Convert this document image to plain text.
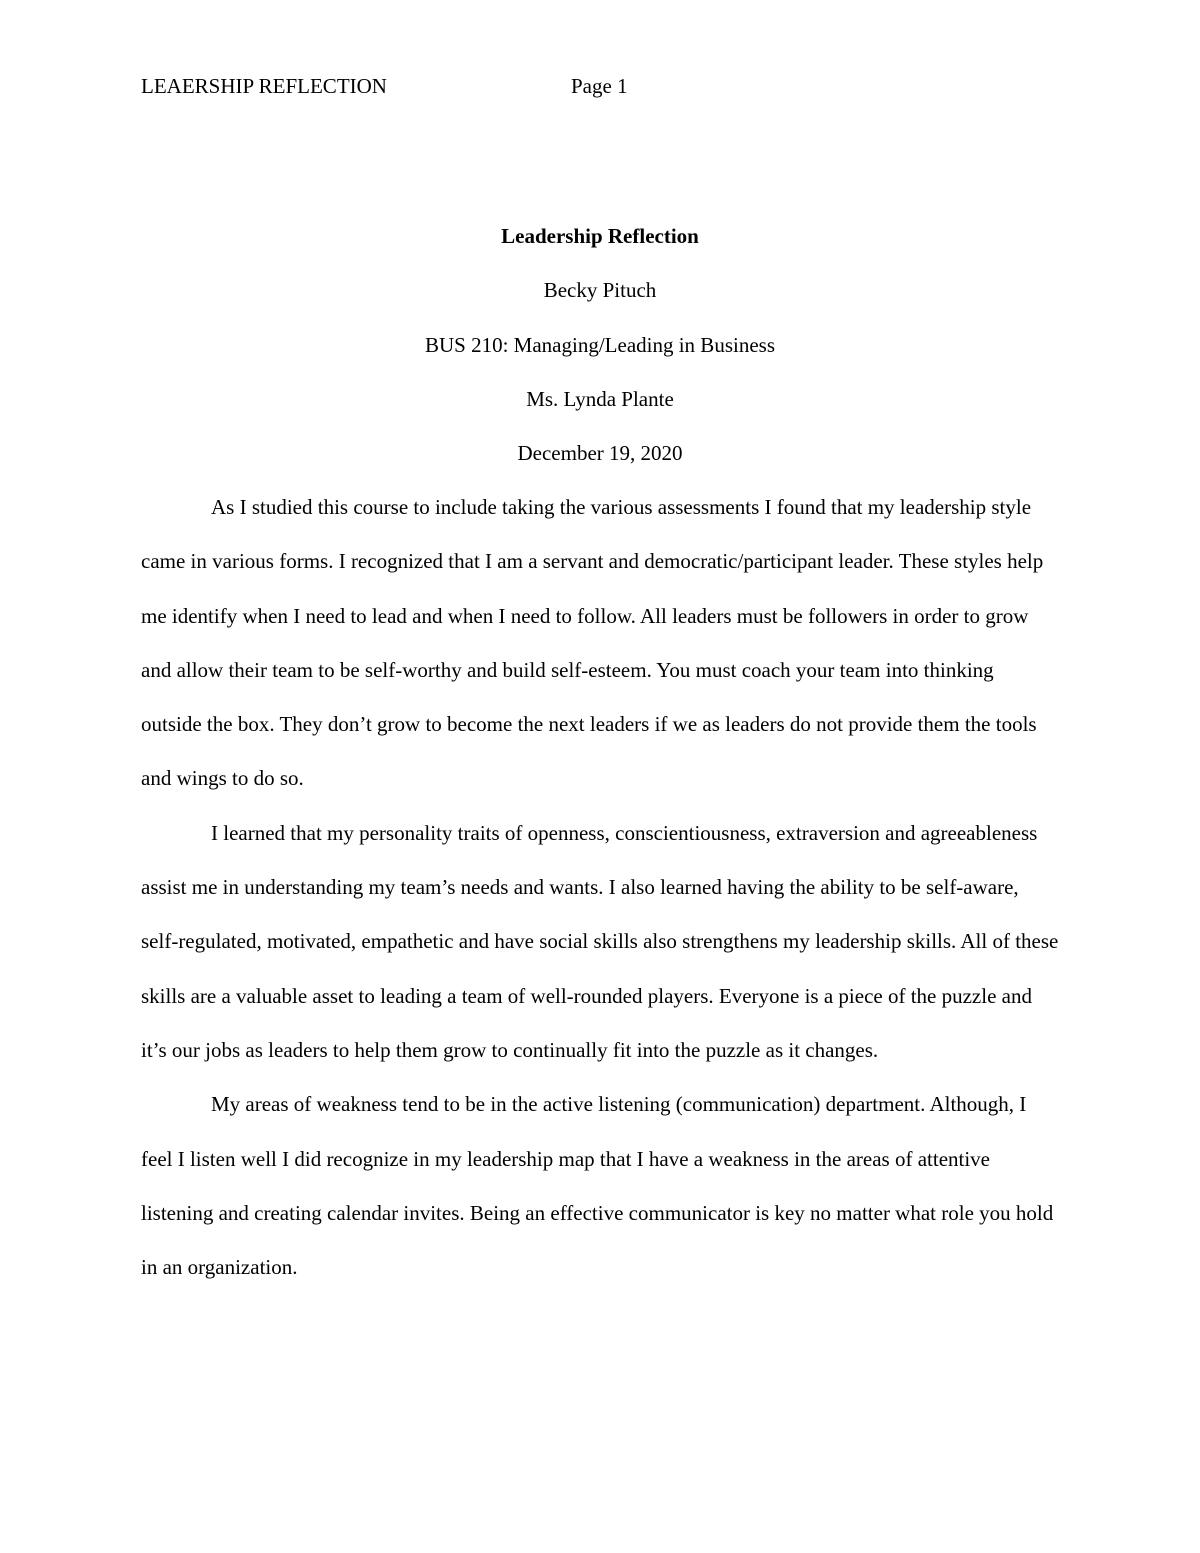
LEAERSHIP REFLECTION	Page 1
Leadership Reflection
Becky Pituch
BUS 210: Managing/Leading in Business
Ms. Lynda Plante
December 19, 2020

As I studied this course to include taking the various assessments I found that my leadership style came in various forms. I recognized that I am a servant and democratic/participant leader. These styles help me identify when I need to lead and when I need to follow. All leaders must be followers in order to grow and allow their team to be self-worthy and build self-esteem. You must coach your team into thinking outside the box. They don’t grow to become the next leaders if we as leaders do not provide them the tools and wings to do so.

I learned that my personality traits of openness, conscientiousness, extraversion and agreeableness assist me in understanding my team’s needs and wants. I also learned having the ability to be self-aware, self-regulated, motivated, empathetic and have social skills also strengthens my leadership skills. All of these skills are a valuable asset to leading a team of well-rounded players. Everyone is a piece of the puzzle and it’s our jobs as leaders to help them grow to continually fit into the puzzle as it changes.

My areas of weakness tend to be in the active listening (communication) department. Although, I feel I listen well I did recognize in my leadership map that I have a weakness in the areas of attentive listening and creating calendar invites. Being an effective communicator is key no matter what role you hold in an organization.
